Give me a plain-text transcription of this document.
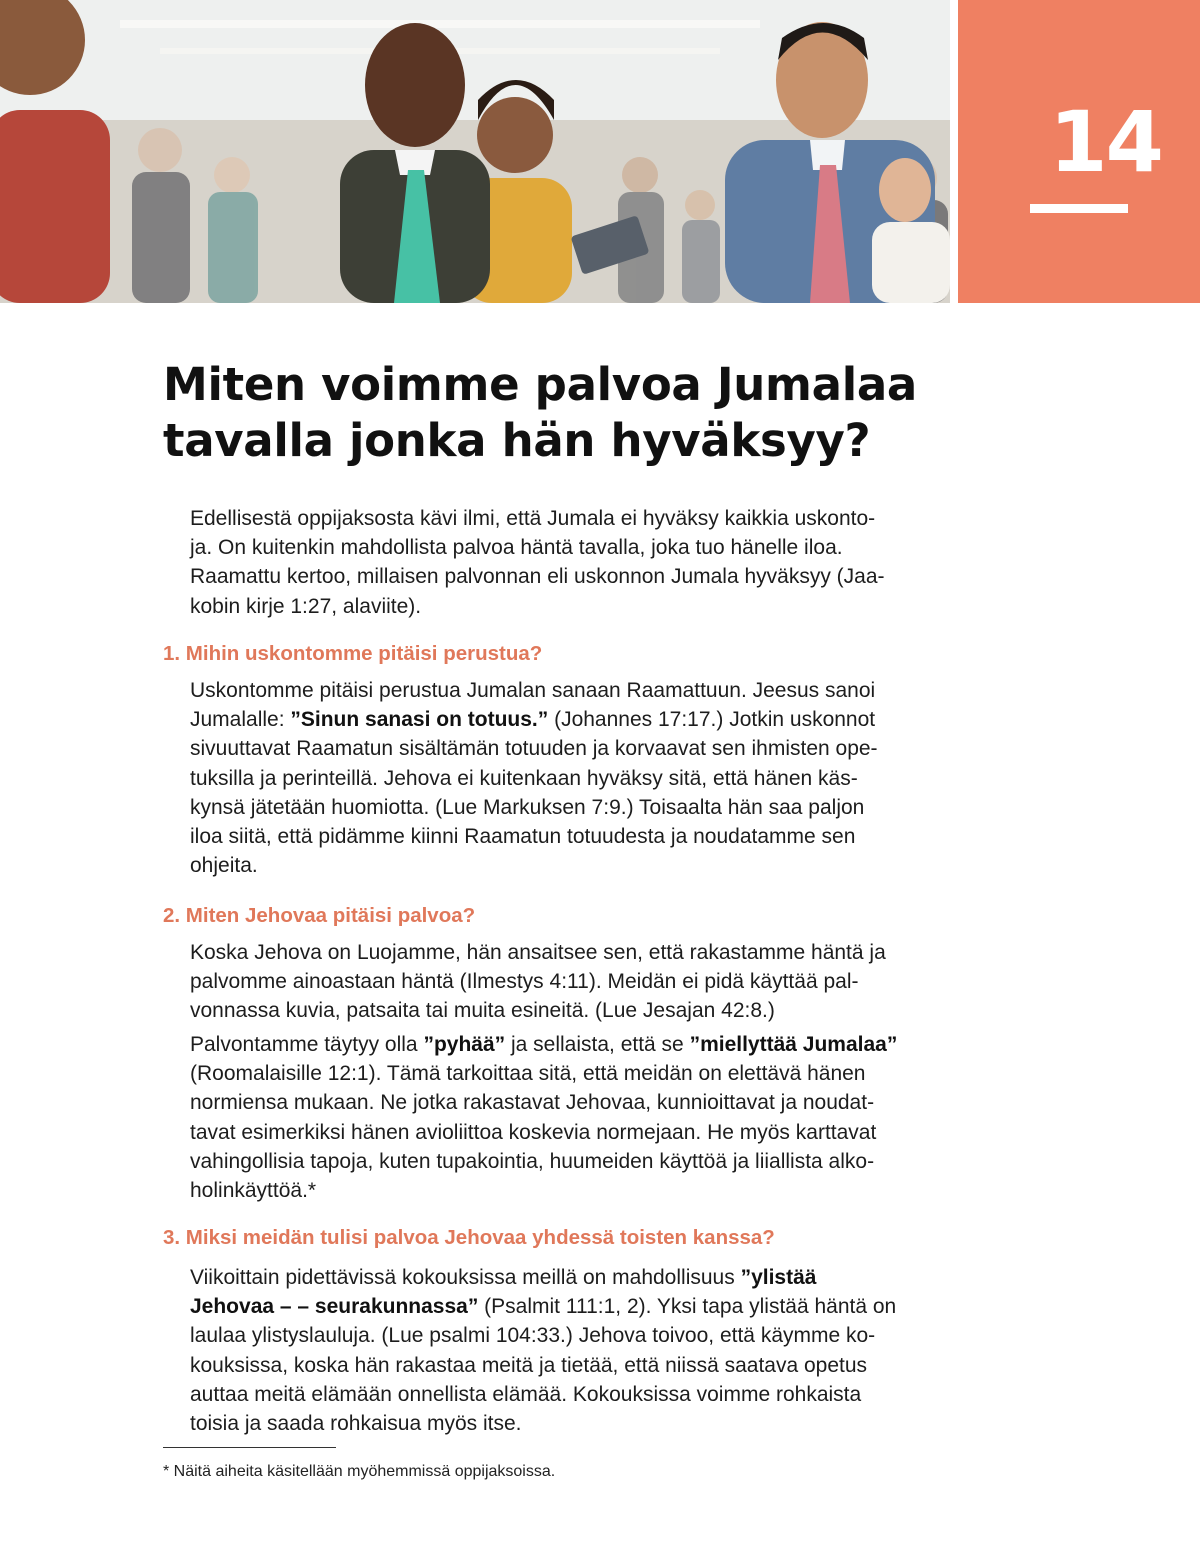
14
Miten voimme palvoa Jumalaa
tavalla jonka hän hyväksyy?

Edellisestä oppijaksosta kävi ilmi, että Jumala ei hyväksy kaikkia uskonto-
ja. On kuitenkin mahdollista palvoa häntä tavalla, joka tuo hänelle iloa.
Raamattu kertoo, millaisen palvonnan eli uskonnon Jumala hyväksyy (Jaa-
kobin kirje 1:27, alaviite).

1. Mihin uskontomme pitäisi perustua?

Uskontomme pitäisi perustua Jumalan sanaan Raamattuun. Jeesus sanoi
Jumalalle: ”Sinun sanasi on totuus.” (Johannes 17:17.) Jotkin uskonnot
sivuuttavat Raamatun sisältämän totuuden ja korvaavat sen ihmisten ope-
tuksilla ja perinteillä. Jehova ei kuitenkaan hyväksy sitä, että hänen käs-
kynsä jätetään huomiotta. (Lue Markuksen 7:9.) Toisaalta hän saa paljon
iloa siitä, että pidämme kiinni Raamatun totuudesta ja noudatamme sen
ohjeita.

2. Miten Jehovaa pitäisi palvoa?

Koska Jehova on Luojamme, hän ansaitsee sen, että rakastamme häntä ja
palvomme ainoastaan häntä (Ilmestys 4:11). Meidän ei pidä käyttää pal-
vonnassa kuvia, patsaita tai muita esineitä. (Lue Jesajan 42:8.)

Palvontamme täytyy olla ”pyhää” ja sellaista, että se ”miellyttää Jumalaa”
(Roomalaisille 12:1). Tämä tarkoittaa sitä, että meidän on elettävä hänen
normiensa mukaan. Ne jotka rakastavat Jehovaa, kunnioittavat ja noudat-
tavat esimerkiksi hänen avioliittoa koskevia normejaan. He myös karttavat
vahingollisia tapoja, kuten tupakointia, huumeiden käyttöä ja liiallista alko-
holinkäyttöä.*

3. Miksi meidän tulisi palvoa Jehovaa yhdessä toisten kanssa?

Viikoittain pidettävissä kokouksissa meillä on mahdollisuus ”ylistää
Jehovaa – – seurakunnassa” (Psalmit 111:1, 2). Yksi tapa ylistää häntä on
laulaa ylistyslauluja. (Lue psalmi 104:33.) Jehova toivoo, että käymme ko-
kouksissa, koska hän rakastaa meitä ja tietää, että niissä saatava opetus
auttaa meitä elämään onnellista elämää. Kokouksissa voimme rohkaista
toisia ja saada rohkaisua myös itse.

* Näitä aiheita käsitellään myöhemmissä oppijaksoissa.
